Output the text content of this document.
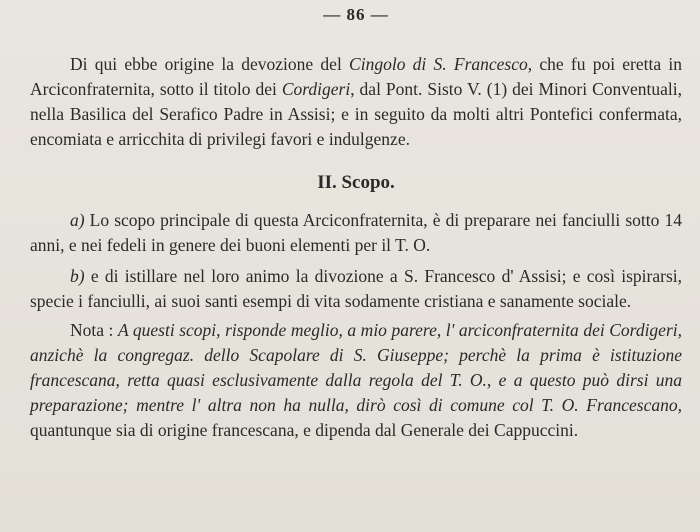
— 86 —

Di qui ebbe origine la devozione del Cingolo di S. Francesco, che fu poi eretta in Arciconfraternita, sotto il titolo dei Cordigeri, dal Pont. Sisto V. (1) dei Minori Conventuali, nella Basilica del Serafico Padre in Assisi; e in seguito da molti altri Pontefici confermata, encomiata e arricchita di privilegi favori e indulgenze.

II. Scopo.

a) Lo scopo principale di questa Arciconfraternita, è di preparare nei fanciulli sotto 14 anni, e nei fedeli in genere dei buoni elementi per il T. O.

b) e di istillare nel loro animo la divozione a S. Francesco d' Assisi; e così ispirarsi, specie i fanciulli, ai suoi santi esempi di vita sodamente cristiana e sanamente sociale.

Nota : A questi scopi, risponde meglio, a mio parere, l' arciconfraternita dei Cordigeri, anzichè la congregaz. dello Scapolare di S. Giuseppe; perchè la prima è istituzione francescana, retta quasi esclusivamente dalla regola del T. O., e a questo può dirsi una preparazione; mentre l' altra non ha nulla, dirò così di comune col T. O. Francescano, quantunque sia di origine francescana, e dipenda dal Generale dei Cappuccini.
